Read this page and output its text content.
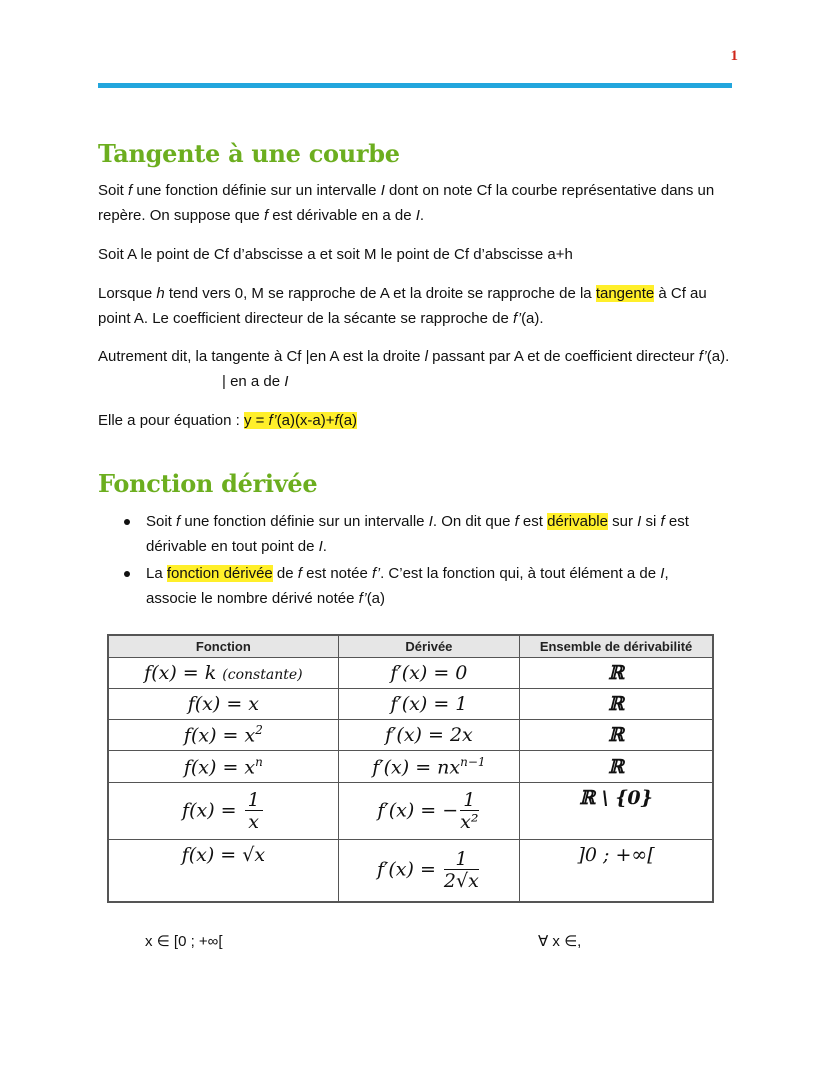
1
Tangente à une courbe

Soit f une fonction définie sur un intervalle I dont on note Cf la courbe représentative dans un repère. On suppose que f est dérivable en a de I.

Soit A le point de Cf d’abscisse a et soit M le point de Cf d’abscisse a+h

Lorsque h tend vers 0, M se rapproche de A et la droite se rapproche de la tangente à Cf au point A. Le coefficient directeur de la sécante se rapproche de f’(a).

Autrement dit, la tangente à Cf |en A est la droite l passant par A et de coefficient directeur f’(a).| en a de I

Elle a pour équation : y = f’(a)(x-a)+f(a)

Fonction dérivée
Soit f une fonction définie sur un intervalle I. On dit que f est dérivable sur I si f est dérivable en tout point de I.
La fonction dérivée de f est notée f’. C’est la fonction qui, à tout élément a de I, associe le nombre dérivé notée f’(a)
Fonction	Dérivée	Ensemble de dérivabilité
f(x) = k (constante)	f′(x) = 0	ℝ
f(x) = x	f′(x) = 1	ℝ
$f(x) = x^2$	f′(x) = 2x	ℝ
$f(x) = x^n$	$f'(x) = nx^{n-1}$	ℝ
$f(x) = \frac{1}{x}$	f′(x) = − $\frac{1}{\text{x²}}$	ℝ \ {0}
f(x) = √x	$f'(x) = \frac{1}{2√x}$	]0 ; +∞[
x ∈ [0 ; +∞[	∀ x ∈,
